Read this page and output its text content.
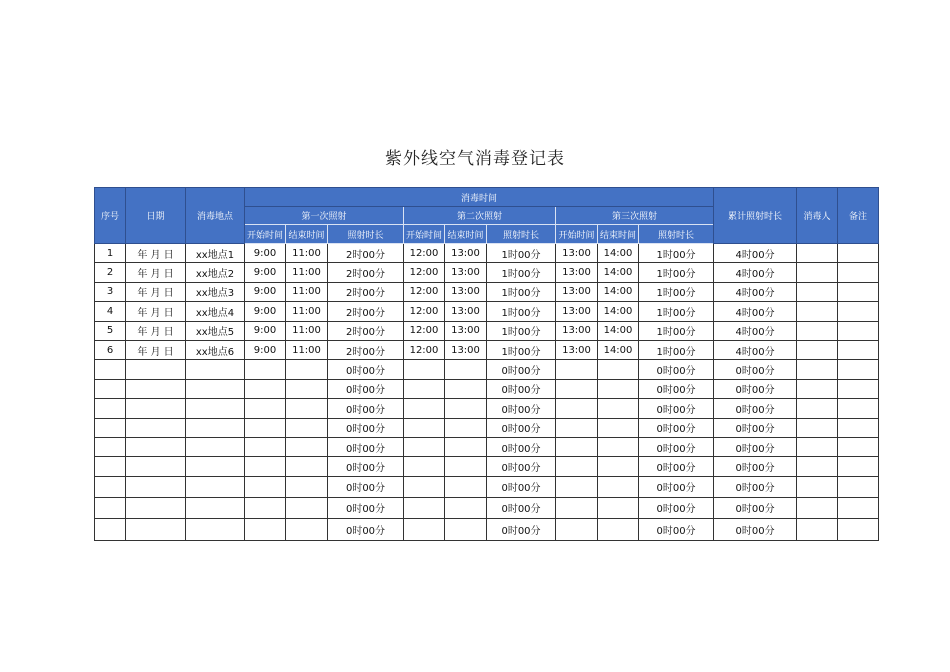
紫外线空气消毒登记表
序号	日期	消毒地点	消毒时间									累计照射时长	消毒人	备注
			第一次照射			第二次照射			第三次照射					
			开始时间	结束时间	照射时长	开始时间	结束时间	照射时长	开始时间	结束时间	照射时长			
1	年 月 日	xx地点1	9:00	11:00	2时00分	12:00	13:00	1时00分	13:00	14:00	1时00分	4时00分		
2	年 月 日	xx地点2	9:00	11:00	2时00分	12:00	13:00	1时00分	13:00	14:00	1时00分	4时00分		
3	年 月 日	xx地点3	9:00	11:00	2时00分	12:00	13:00	1时00分	13:00	14:00	1时00分	4时00分		
4	年 月 日	xx地点4	9:00	11:00	2时00分	12:00	13:00	1时00分	13:00	14:00	1时00分	4时00分		
5	年 月 日	xx地点5	9:00	11:00	2时00分	12:00	13:00	1时00分	13:00	14:00	1时00分	4时00分		
6	年 月 日	xx地点6	9:00	11:00	2时00分	12:00	13:00	1时00分	13:00	14:00	1时00分	4时00分		
					0时00分			0时00分			0时00分	0时00分		
					0时00分			0时00分			0时00分	0时00分		
					0时00分			0时00分			0时00分	0时00分		
					0时00分			0时00分			0时00分	0时00分		
					0时00分			0时00分			0时00分	0时00分		
					0时00分			0时00分			0时00分	0时00分		
					0时00分			0时00分			0时00分	0时00分		
					0时00分			0时00分			0时00分	0时00分		
					0时00分			0时00分			0时00分	0时00分		
